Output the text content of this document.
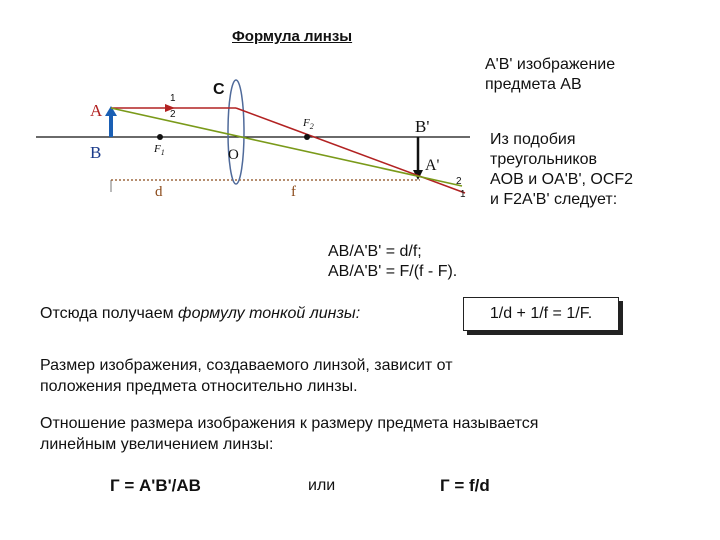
Формула линзы
A
B
C
O
B'
A'
$F_1$
$F_2$
d	f
1
2
2
1
A'B' изображение
предмета AB
Из подобия
треугольников
AOB и OA'B', OCF2
и F2A'B' следует:
AB/A'B' = d/f;
AB/A'B' = F/(f - F).
Отсюда получаем формулу тонкой линзы:	1/d + 1/f = 1/F.
Размер изображения, создаваемого линзой, зависит от
положения предмета относительно линзы.
Отношение размера изображения к размеру предмета называется
линейным увеличением линзы:
Г = A'B'/AB	или	Г = f/d
